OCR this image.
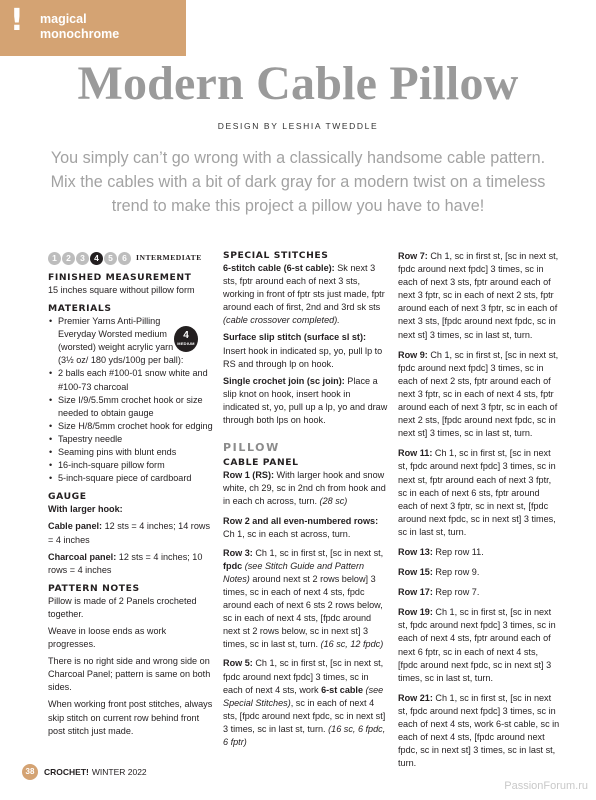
! magical
monochrome
Modern Cable Pillow
DESIGN BY LESHIA TWEDDLE
You simply can’t go wrong with a classically handsome cable pattern. Mix the cables with a bit of dark gray for a modern twist on a timeless trend to make this project a pillow you have to have!
1	2	3	4	5	6	INTERMEDIATE
FINISHED MEASUREMENT

15 inches square without pillow form

MATERIALS
4
MEDIUM
• Premier Yarns Anti-Pilling Everyday Worsted medium (worsted) weight acrylic yarn (3½ oz/ 180 yds/100g per ball):
• 2 balls each #100-01 snow white and #100-73 charcoal
• Size I/9/5.5mm crochet hook or size needed to obtain gauge
• Size H/8/5mm crochet hook for edging
• Tapestry needle
• Seaming pins with blunt ends
• 16-inch-square pillow form
• 5-inch-square piece of cardboard
GAUGE

With larger hook:

Cable panel: 12 sts = 4 inches; 14 rows = 4 inches

Charcoal panel: 12 sts = 4 inches; 10 rows = 4 inches

PATTERN NOTES

Pillow is made of 2 Panels crocheted together.

Weave in loose ends as work progresses.

There is no right side and wrong side on Charcoal Panel; pattern is same on both sides.

When working front post stitches, always skip stitch on current row behind front post stitch just made.

SPECIAL STITCHES

6-stitch cable (6-st cable): Sk next 3 sts, fptr around each of next 3 sts, working in front of fptr sts just made, fptr around each of first, 2nd and 3rd sk sts (cable crossover completed).

Surface slip stitch (surface sl st): Insert hook in indicated sp, yo, pull lp to RS and through lp on hook.

Single crochet join (sc join): Place a slip knot on hook, insert hook in indicated st, yo, pull up a lp, yo and draw through both lps on hook.

PILLOW
CABLE PANEL

Row 1 (RS): With larger hook and snow white, ch 29, sc in 2nd ch from hook and in each ch across, turn. (28 sc)

Row 2 and all even-numbered rows: Ch 1, sc in each st across, turn.

Row 3: Ch 1, sc in first st, [sc in next st, fpdc (see Stitch Guide and Pattern Notes) around next st 2 rows below] 3 times, sc in each of next 4 sts, fpdc around each of next 6 sts 2 rows below, sc in each of next 4 sts, [fpdc around next st 2 rows below, sc in next st] 3 times, sc in last st, turn. (16 sc, 12 fpdc)

Row 5: Ch 1, sc in first st, [sc in next st, fpdc around next fpdc] 3 times, sc in each of next 4 sts, work 6-st cable (see Special Stitches), sc in each of next 4 sts, [fpdc around next fpdc, sc in next st] 3 times, sc in last st, turn. (16 sc, 6 fpdc, 6 fptr)

Row 7: Ch 1, sc in first st, [sc in next st, fpdc around next fpdc] 3 times, sc in each of next 3 sts, fptr around each of next 3 fptr, sc in each of next 2 sts, fptr around each of next 3 fptr, sc in each of next 3 sts, [fpdc around next fpdc, sc in next st] 3 times, sc in last st, turn.

Row 9: Ch 1, sc in first st, [sc in next st, fpdc around next fpdc] 3 times, sc in each of next 2 sts, fptr around each of next 3 fptr, sc in each of next 4 sts, fptr around each of next 3 fptr, sc in each of next 2 sts, [fpdc around next fpdc, sc in next st] 3 times, sc in last st, turn.

Row 11: Ch 1, sc in first st, [sc in next st, fpdc around next fpdc] 3 times, sc in next st, fptr around each of next 3 fptr, sc in each of next 6 sts, fptr around each of next 3 fptr, sc in next st, [fpdc around next fpdc, sc in next st] 3 times, sc in last st, turn.

Row 13: Rep row 11.

Row 15: Rep row 9.

Row 17: Rep row 7.

Row 19: Ch 1, sc in first st, [sc in next st, fpdc around next fpdc] 3 times, sc in each of next 4 sts, fptr around each of next 6 fptr, sc in each of next 4 sts, [fpdc around next fpdc, sc in next st] 3 times, sc in last st, turn.

Row 21: Ch 1, sc in first st, [sc in next st, fpdc around next fpdc] 3 times, sc in each of next 4 sts, work 6-st cable, sc in each of next 4 sts, [fpdc around next fpdc, sc in next st] 3 times, sc in last st, turn.

38	CROCHET! WINTER 2022
PassionForum.ru
